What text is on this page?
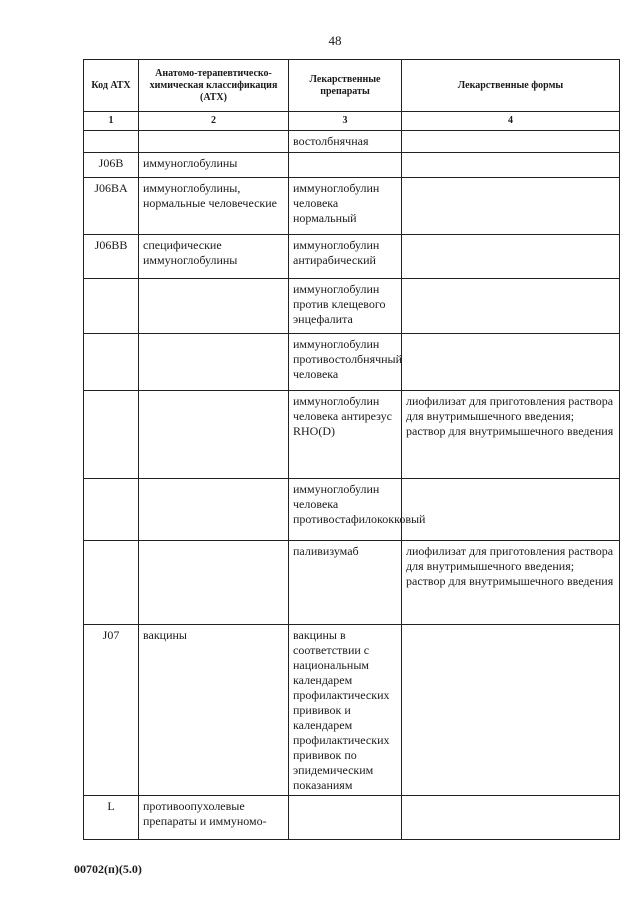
48
Код АТХ	Анатомо-терапевтическо-химическая классификация (АТХ)	Лекарственные препараты	Лекарственные формы
1	2	3	4
		востолбнячная	
J06B	иммуноглобулины		
J06BA	иммуноглобулины, нормальные человеческие	иммуноглобулин человека нормальный	
J06BB	специфические иммуноглобулины	иммуноглобулин антирабический	
		иммуноглобулин против клещевого энцефалита	
		иммуноглобулин противостолбнячный человека	
		иммуноглобулин человека антирезус RHO(D)	лиофилизат для приготовления раствора для внутримышечного введения;
раствор для внутримышечного введения
		иммуноглобулин человека противостафилококковый	
		паливизумаб	лиофилизат для приготовления раствора для внутримышечного введения;
раствор для внутримышечного введения
J07	вакцины	вакцины в соответствии с национальным календарем профилактических прививок и календарем профилактических прививок по эпидемическим показаниям	
L	противоопухолевые препараты и иммуномо-		
00702(п)(5.0)
